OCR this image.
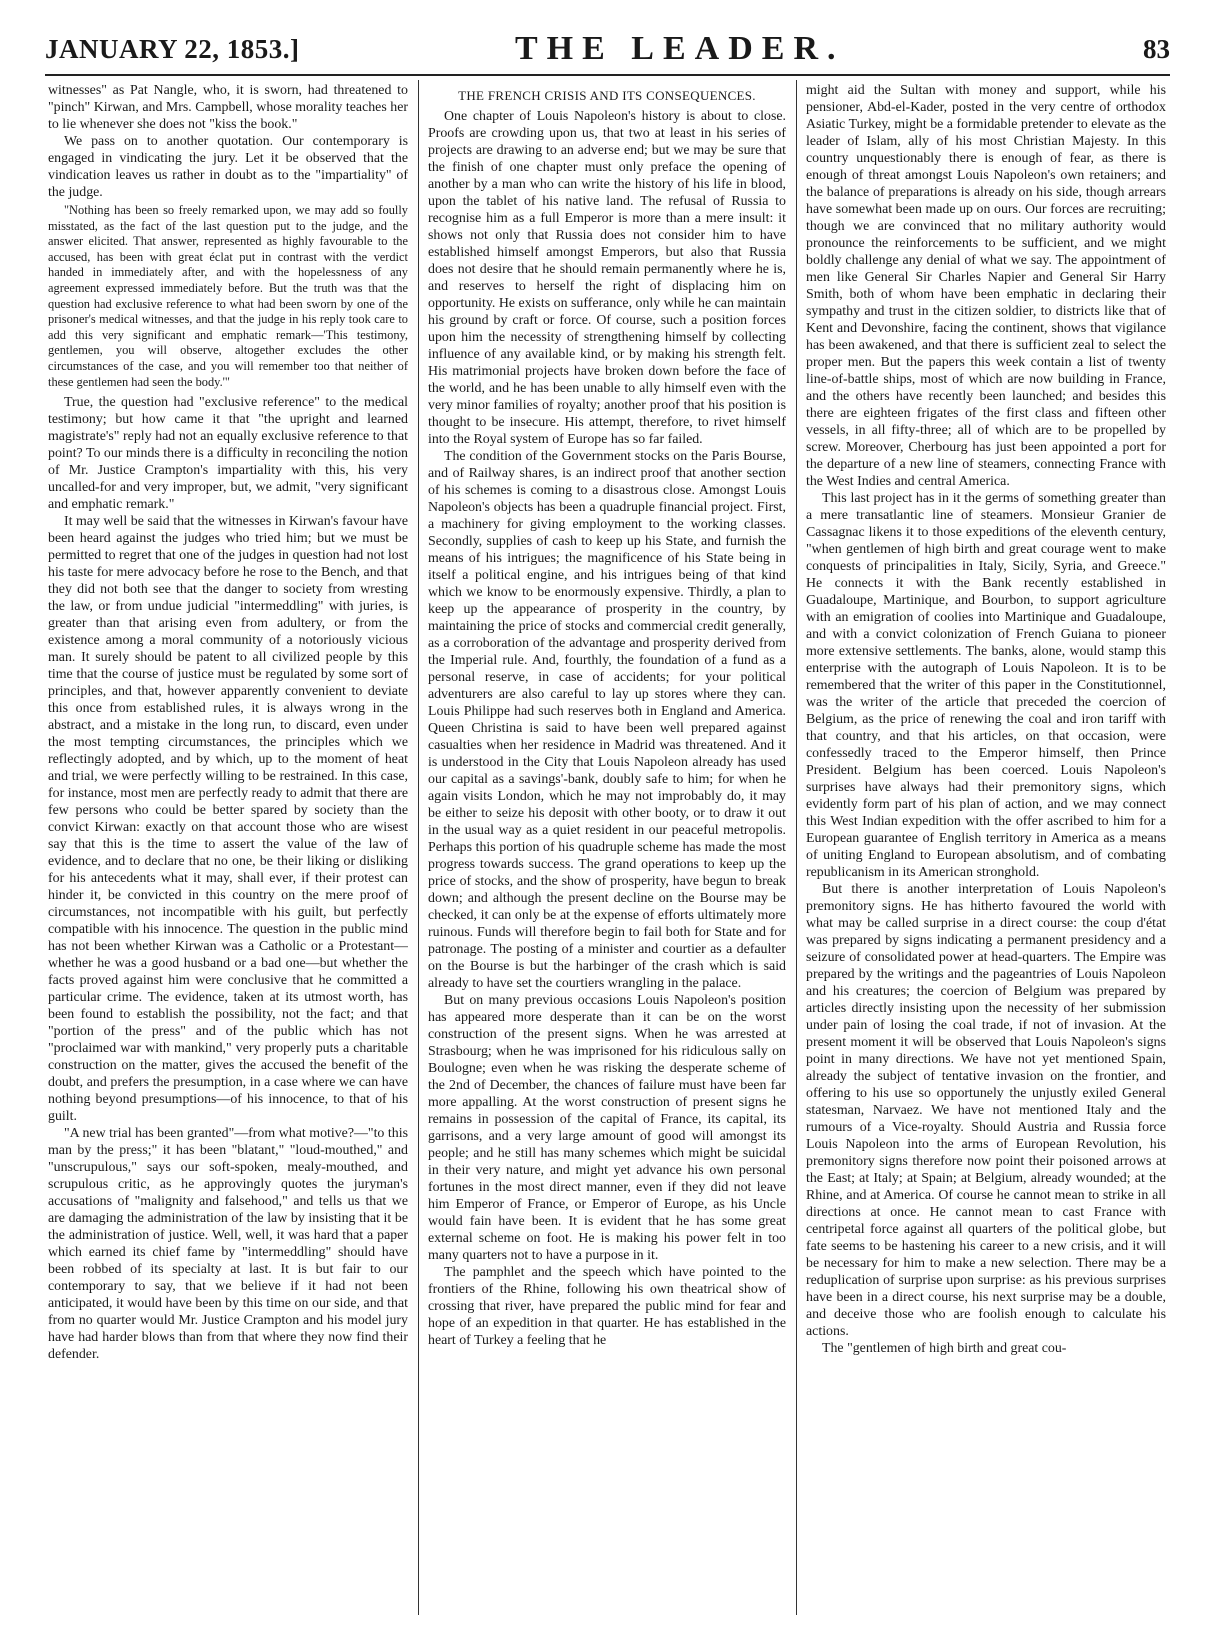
JANUARY 22, 1853.]	THE LEADER.	83

witnesses" as Pat Nangle, who, it is sworn, had threatened to "pinch" Kirwan, and Mrs. Campbell, whose morality teaches her to lie whenever she does not "kiss the book."

We pass on to another quotation. Our contemporary is engaged in vindicating the jury. Let it be observed that the vindication leaves us rather in doubt as to the "impartiality" of the judge.

"Nothing has been so freely remarked upon, we may add so foully misstated, as the fact of the last question put to the judge, and the answer elicited. That answer, represented as highly favourable to the accused, has been with great éclat put in contrast with the verdict handed in immediately after, and with the hopelessness of any agreement expressed immediately before. But the truth was that the question had exclusive reference to what had been sworn by one of the prisoner's medical witnesses, and that the judge in his reply took care to add this very significant and emphatic remark—'This testimony, gentlemen, you will observe, altogether excludes the other circumstances of the case, and you will remember too that neither of these gentlemen had seen the body.'"

True, the question had "exclusive reference" to the medical testimony; but how came it that "the upright and learned magistrate's" reply had not an equally exclusive reference to that point? To our minds there is a difficulty in reconciling the notion of Mr. Justice Crampton's impartiality with this, his very uncalled-for and very improper, but, we admit, "very significant and emphatic remark."

It may well be said that the witnesses in Kirwan's favour have been heard against the judges who tried him; but we must be permitted to regret that one of the judges in question had not lost his taste for mere advocacy before he rose to the Bench, and that they did not both see that the danger to society from wresting the law, or from undue judicial "intermeddling" with juries, is greater than that arising even from adultery, or from the existence among a moral community of a notoriously vicious man. It surely should be patent to all civilized people by this time that the course of justice must be regulated by some sort of principles, and that, however apparently convenient to deviate this once from established rules, it is always wrong in the abstract, and a mistake in the long run, to discard, even under the most tempting circumstances, the principles which we reflectingly adopted, and by which, up to the moment of heat and trial, we were perfectly willing to be restrained. In this case, for instance, most men are perfectly ready to admit that there are few persons who could be better spared by society than the convict Kirwan: exactly on that account those who are wisest say that this is the time to assert the value of the law of evidence, and to declare that no one, be their liking or disliking for his antecedents what it may, shall ever, if their protest can hinder it, be convicted in this country on the mere proof of circumstances, not incompatible with his guilt, but perfectly compatible with his innocence. The question in the public mind has not been whether Kirwan was a Catholic or a Protestant—whether he was a good husband or a bad one—but whether the facts proved against him were conclusive that he committed a particular crime. The evidence, taken at its utmost worth, has been found to establish the possibility, not the fact; and that "portion of the press" and of the public which has not "proclaimed war with mankind," very properly puts a charitable construction on the matter, gives the accused the benefit of the doubt, and prefers the presumption, in a case where we can have nothing beyond presumptions—of his innocence, to that of his guilt.

"A new trial has been granted"—from what motive?—"to this man by the press;" it has been "blatant," "loud-mouthed," and "unscrupulous," says our soft-spoken, mealy-mouthed, and scrupulous critic, as he approvingly quotes the juryman's accusations of "malignity and falsehood," and tells us that we are damaging the administration of the law by insisting that it be the administration of justice. Well, well, it was hard that a paper which earned its chief fame by "intermeddling" should have been robbed of its specialty at last. It is but fair to our contemporary to say, that we believe if it had not been anticipated, it would have been by this time on our side, and that from no quarter would Mr. Justice Crampton and his model jury have had harder blows than from that where they now find their defender.

THE FRENCH CRISIS AND ITS CONSEQUENCES.

One chapter of Louis Napoleon's history is about to close. Proofs are crowding upon us, that two at least in his series of projects are drawing to an adverse end; but we may be sure that the finish of one chapter must only preface the opening of another by a man who can write the history of his life in blood, upon the tablet of his native land. The refusal of Russia to recognise him as a full Emperor is more than a mere insult: it shows not only that Russia does not consider him to have established himself amongst Emperors, but also that Russia does not desire that he should remain permanently where he is, and reserves to herself the right of displacing him on opportunity. He exists on sufferance, only while he can maintain his ground by craft or force. Of course, such a position forces upon him the necessity of strengthening himself by collecting influence of any available kind, or by making his strength felt. His matrimonial projects have broken down before the face of the world, and he has been unable to ally himself even with the very minor families of royalty; another proof that his position is thought to be insecure. His attempt, therefore, to rivet himself into the Royal system of Europe has so far failed.

The condition of the Government stocks on the Paris Bourse, and of Railway shares, is an indirect proof that another section of his schemes is coming to a disastrous close. Amongst Louis Napoleon's objects has been a quadruple financial project. First, a machinery for giving employment to the working classes. Secondly, supplies of cash to keep up his State, and furnish the means of his intrigues; the magnificence of his State being in itself a political engine, and his intrigues being of that kind which we know to be enormously expensive. Thirdly, a plan to keep up the appearance of prosperity in the country, by maintaining the price of stocks and commercial credit generally, as a corroboration of the advantage and prosperity derived from the Imperial rule. And, fourthly, the foundation of a fund as a personal reserve, in case of accidents; for your political adventurers are also careful to lay up stores where they can. Louis Philippe had such reserves both in England and America. Queen Christina is said to have been well prepared against casualties when her residence in Madrid was threatened. And it is understood in the City that Louis Napoleon already has used our capital as a savings'-bank, doubly safe to him; for when he again visits London, which he may not improbably do, it may be either to seize his deposit with other booty, or to draw it out in the usual way as a quiet resident in our peaceful metropolis. Perhaps this portion of his quadruple scheme has made the most progress towards success. The grand operations to keep up the price of stocks, and the show of prosperity, have begun to break down; and although the present decline on the Bourse may be checked, it can only be at the expense of efforts ultimately more ruinous. Funds will therefore begin to fail both for State and for patronage. The posting of a minister and courtier as a defaulter on the Bourse is but the harbinger of the crash which is said already to have set the courtiers wrangling in the palace.

But on many previous occasions Louis Napoleon's position has appeared more desperate than it can be on the worst construction of the present signs. When he was arrested at Strasbourg; when he was imprisoned for his ridiculous sally on Boulogne; even when he was risking the desperate scheme of the 2nd of December, the chances of failure must have been far more appalling. At the worst construction of present signs he remains in possession of the capital of France, its capital, its garrisons, and a very large amount of good will amongst its people; and he still has many schemes which might be suicidal in their very nature, and might yet advance his own personal fortunes in the most direct manner, even if they did not leave him Emperor of France, or Emperor of Europe, as his Uncle would fain have been. It is evident that he has some great external scheme on foot. He is making his power felt in too many quarters not to have a purpose in it.

The pamphlet and the speech which have pointed to the frontiers of the Rhine, following his own theatrical show of crossing that river, have prepared the public mind for fear and hope of an expedition in that quarter. He has established in the heart of Turkey a feeling that he

might aid the Sultan with money and support, while his pensioner, Abd-el-Kader, posted in the very centre of orthodox Asiatic Turkey, might be a formidable pretender to elevate as the leader of Islam, ally of his most Christian Majesty. In this country unquestionably there is enough of fear, as there is enough of threat amongst Louis Napoleon's own retainers; and the balance of preparations is already on his side, though arrears have somewhat been made up on ours. Our forces are recruiting; though we are convinced that no military authority would pronounce the reinforcements to be sufficient, and we might boldly challenge any denial of what we say. The appointment of men like General Sir Charles Napier and General Sir Harry Smith, both of whom have been emphatic in declaring their sympathy and trust in the citizen soldier, to districts like that of Kent and Devonshire, facing the continent, shows that vigilance has been awakened, and that there is sufficient zeal to select the proper men. But the papers this week contain a list of twenty line-of-battle ships, most of which are now building in France, and the others have recently been launched; and besides this there are eighteen frigates of the first class and fifteen other vessels, in all fifty-three; all of which are to be propelled by screw. Moreover, Cherbourg has just been appointed a port for the departure of a new line of steamers, connecting France with the West Indies and central America.

This last project has in it the germs of something greater than a mere transatlantic line of steamers. Monsieur Granier de Cassagnac likens it to those expeditions of the eleventh century, "when gentlemen of high birth and great courage went to make conquests of principalities in Italy, Sicily, Syria, and Greece." He connects it with the Bank recently established in Guadaloupe, Martinique, and Bourbon, to support agriculture with an emigration of coolies into Martinique and Guadaloupe, and with a convict colonization of French Guiana to pioneer more extensive settlements. The banks, alone, would stamp this enterprise with the autograph of Louis Napoleon. It is to be remembered that the writer of this paper in the Constitutionnel, was the writer of the article that preceded the coercion of Belgium, as the price of renewing the coal and iron tariff with that country, and that his articles, on that occasion, were confessedly traced to the Emperor himself, then Prince President. Belgium has been coerced. Louis Napoleon's surprises have always had their premonitory signs, which evidently form part of his plan of action, and we may connect this West Indian expedition with the offer ascribed to him for a European guarantee of English territory in America as a means of uniting England to European absolutism, and of combating republicanism in its American stronghold.

But there is another interpretation of Louis Napoleon's premonitory signs. He has hitherto favoured the world with what may be called surprise in a direct course: the coup d'état was prepared by signs indicating a permanent presidency and a seizure of consolidated power at head-quarters. The Empire was prepared by the writings and the pageantries of Louis Napoleon and his creatures; the coercion of Belgium was prepared by articles directly insisting upon the necessity of her submission under pain of losing the coal trade, if not of invasion. At the present moment it will be observed that Louis Napoleon's signs point in many directions. We have not yet mentioned Spain, already the subject of tentative invasion on the frontier, and offering to his use so opportunely the unjustly exiled General statesman, Narvaez. We have not mentioned Italy and the rumours of a Vice-royalty. Should Austria and Russia force Louis Napoleon into the arms of European Revolution, his premonitory signs therefore now point their poisoned arrows at the East; at Italy; at Spain; at Belgium, already wounded; at the Rhine, and at America. Of course he cannot mean to strike in all directions at once. He cannot mean to cast France with centripetal force against all quarters of the political globe, but fate seems to be hastening his career to a new crisis, and it will be necessary for him to make a new selection. There may be a reduplication of surprise upon surprise: as his previous surprises have been in a direct course, his next surprise may be a double, and deceive those who are foolish enough to calculate his actions.

The "gentlemen of high birth and great cou-
